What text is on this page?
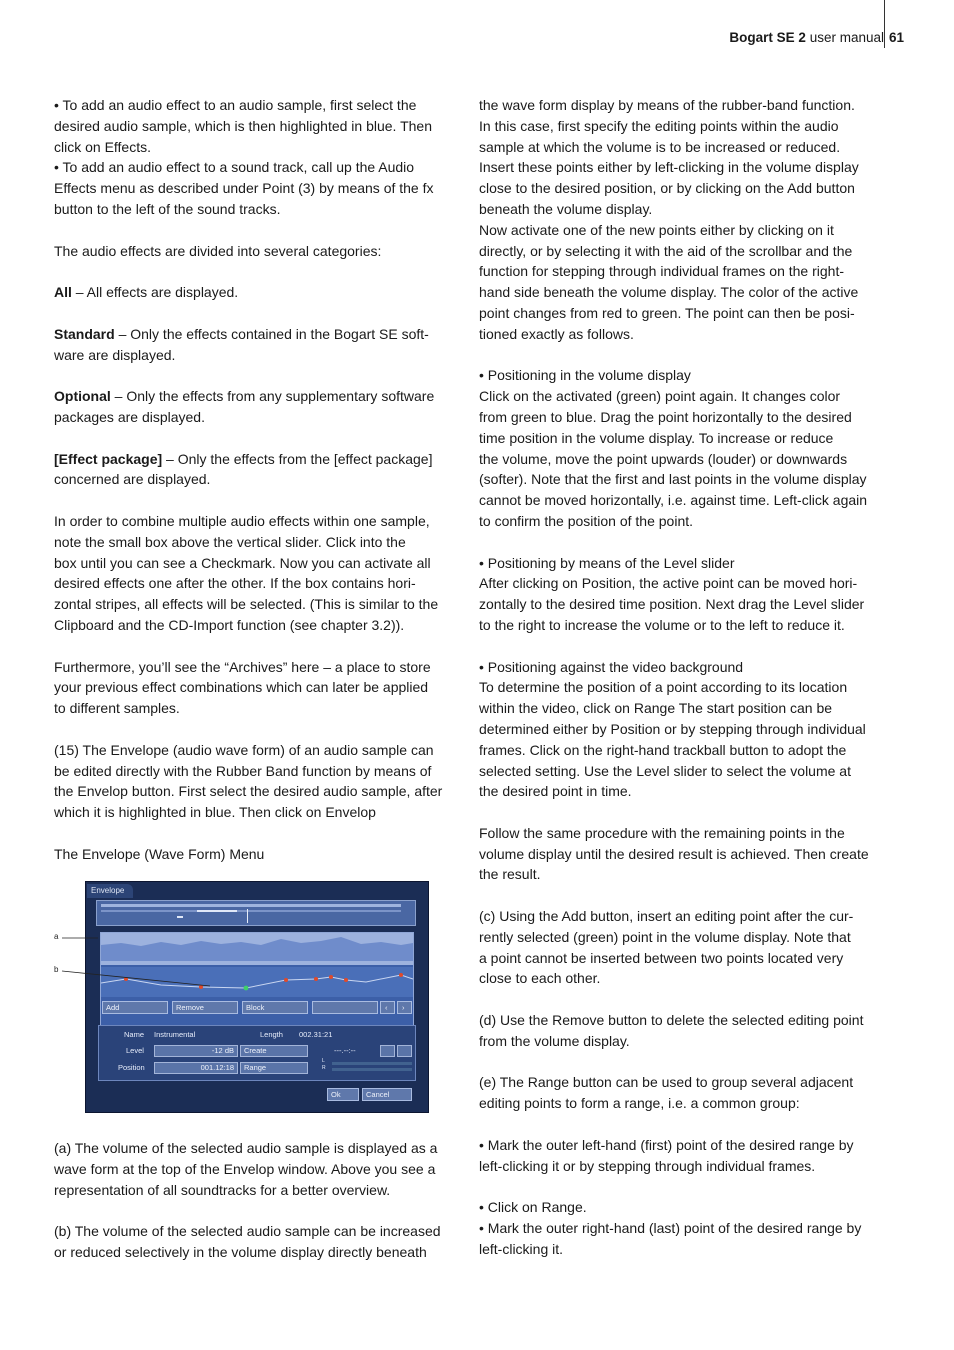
Bogart SE 2 user manual 61

• To add an audio effect to an audio sample, first select the
desired audio sample, which is then highlighted in blue. Then
click on Effects.
• To add an audio effect to a sound track, call up the Audio
Effects menu as described under Point (3) by means of the fx
button to the left of the sound tracks.

The audio effects are divided into several categories:

All – All effects are displayed.

Standard – Only the effects contained in the Bogart SE soft-
ware are displayed.

Optional – Only the effects from any supplementary software
packages are displayed.

[Effect package] – Only the effects from the [effect package]
concerned are displayed.

In order to combine multiple audio effects within one sample,
note the small box above the vertical slider. Click into the
box until you can see a Checkmark. Now you can activate all
desired effects one after the other. If the box contains hori-
zontal stripes, all effects will be selected. (This is similar to the
Clipboard and the CD-Import function (see chapter 3.2)).

Furthermore, you’ll see the “Archives” here – a place to store
your previous effect combinations which can later be applied
to different samples.

(15) The Envelope (audio wave form) of an audio sample can
be edited directly with the Rubber Band function by means of
the Envelop button. First select the desired audio sample, after
which it is highlighted in blue. Then click on Envelop

The Envelope (Wave Form) Menu

Envelope
Add	Remove	Block	‹	›
Name Instrumental	Length 002.31:21
Level	-12 dB	Create	---.--:--
Position	001.12:18	Range
L
R
Ok	Cancel
a
b

(a) The volume of the selected audio sample is displayed as a
wave form at the top of the Envelop window. Above you see a
representation of all soundtracks for a better overview.

(b) The volume of the selected audio sample can be increased
or reduced selectively in the volume display directly beneath

the wave form display by means of the rubber-band function.
In this case, first specify the editing points within the audio
sample at which the volume is to be increased or reduced.
Insert these points either by left-clicking in the volume display
close to the desired position, or by clicking on the Add button
beneath the volume display.
Now activate one of the new points either by clicking on it
directly, or by selecting it with the aid of the scrollbar and the
function for stepping through individual frames on the right-
hand side beneath the volume display. The color of the active
point changes from red to green. The point can then be posi-
tioned exactly as follows.

• Positioning in the volume display
Click on the activated (green) point again. It changes color
from green to blue. Drag the point horizontally to the desired
time position in the volume display. To increase or reduce
the volume, move the point upwards (louder) or downwards
(softer). Note that the first and last points in the volume display
cannot be moved horizontally, i.e. against time. Left-click again
to confirm the position of the point.

• Positioning by means of the Level slider
After clicking on Position, the active point can be moved hori-
zontally to the desired time position. Next drag the Level slider
to the right to increase the volume or to the left to reduce it.

• Positioning against the video background
To determine the position of a point according to its location
within the video, click on Range The start position can be
determined either by Position or by stepping through individual
frames. Click on the right-hand trackball button to adopt the
selected setting. Use the Level slider to select the volume at
the desired point in time.

Follow the same procedure with the remaining points in the
volume display until the desired result is achieved. Then create
the result.

(c) Using the Add button, insert an editing point after the cur-
rently selected (green) point in the volume display. Note that
a point cannot be inserted between two points located very
close to each other.

(d) Use the Remove button to delete the selected editing point
from the volume display.

(e) The Range button can be used to group several adjacent
editing points to form a range, i.e. a common group:

• Mark the outer left-hand (first) point of the desired range by
left-clicking it or by stepping through individual frames.

• Click on Range.
• Mark the outer right-hand (last) point of the desired range by
left-clicking it.
